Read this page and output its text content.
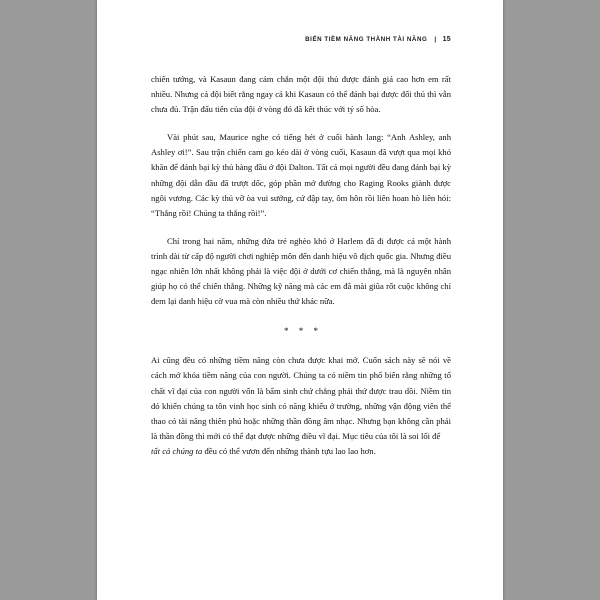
BIẾN TIỀM NĂNG THÀNH TÀI NĂNG | 15

chiến tướng, và Kasaun đang cảm chắn một đội thủ được đánh giá cao hơn em rất nhiều. Nhưng cả đội biết rằng ngay cả khi Kasaun có thể đánh bại được đối thủ thì vẫn chưa đủ. Trận đấu tiên của đội ở vòng đó đã kết thúc với tỷ số hòa.

Vài phút sau, Maurice nghe có tiếng hét ở cuối hành lang: “Anh Ashley, anh Ashley ơi!”. Sau trận chiến cam go kéo dài ở vòng cuối, Kasaun đã vượt qua mọi khó khăn để đánh bại kỳ thủ hàng đầu ở đội Dalton. Tất cả mọi người đều đang đánh bại kỳ những đội dẫn đầu đã trượt dốc, góp phần mở đường cho Raging Rooks giành được ngôi vương. Các kỳ thủ vỡ òa vui sướng, cứ đập tay, ôm hôn rồi liên hoan hò liên hói: “Thắng rồi! Chúng ta thắng rồi!”.

Chỉ trong hai năm, những đứa trẻ nghèo khó ở Harlem đã đi được cả một hành trình dài từ cấp độ người chơi nghiệp môn đến danh hiệu vô địch quốc gia. Nhưng điều ngạc nhiên lớn nhất không phải là việc đội ở dưới cơ chiến thắng, mà là nguyên nhân giúp họ có thể chiến thắng. Những kỹ năng mà các em đã mài giũa rốt cuộc không chỉ đem lại danh hiệu cờ vua mà còn nhiều thứ khác nữa.

* * *

Ai cũng đều có những tiềm năng còn chưa được khai mở. Cuốn sách này sẽ nói về cách mở khóa tiềm năng của con người. Chúng ta có niềm tin phổ biến rằng những tố chất vĩ đại của con người vốn là bẩm sinh chứ chẳng phải thứ được trau dồi. Niềm tin đó khiến chúng ta tôn vinh học sinh có năng khiếu ở trường, những vận động viên thể thao có tài năng thiên phú hoặc những thần đồng âm nhạc. Nhưng bạn không cần phải là thần đồng thì mới có thể đạt được những điều vĩ đại. Mục tiêu của tôi là soi lối để

tất cả chúng ta đều có thể vươn đến những thành tựu lao lao hơn.
